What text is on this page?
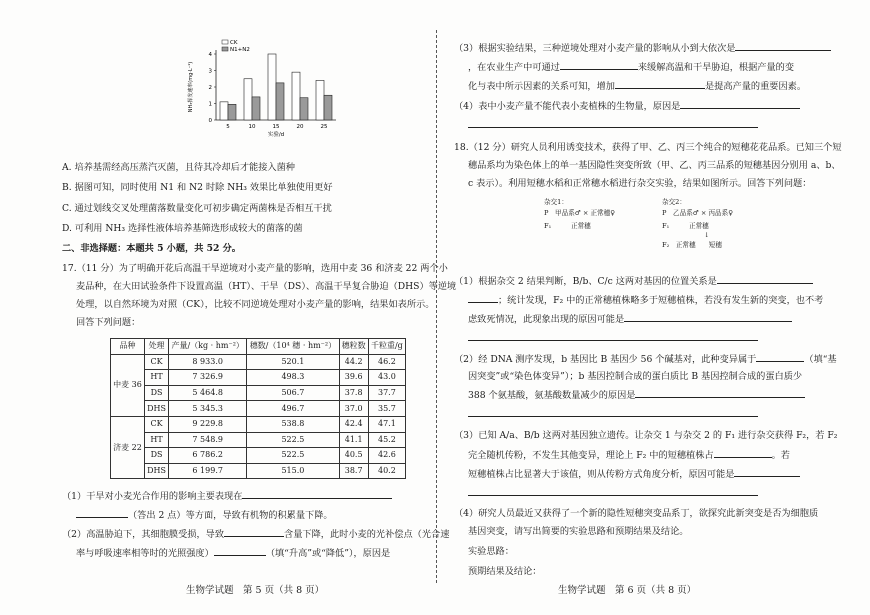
0
1
2
3
4
5	10	15	20	25
实验/d
NH₃挥发速率(mg·L⁻¹)
CK
N1+N2
A. 培养基需经高压蒸汽灭菌，且待其冷却后才能接入菌种
B. 据图可知，同时使用 N1 和 N2 时除 NH₃ 效果比单独使用更好
C. 通过划线交叉处理菌落数量变化可初步确定两菌株是否相互干扰
D. 可利用 NH₃ 选择性液体培养基筛选形成较大的菌落的菌
二、非选择题：本题共 5 小题，共 52 分。
17.（11 分）为了明确开花后高温干旱逆境对小麦产量的影响，选用中麦 36 和济麦 22 两个小
麦品种，在大田试验条件下设置高温（HT）、干旱（DS）、高温干旱复合胁迫（DHS）等逆境
处理，以自然环境为对照（CK），比较不同逆境处理对小麦产量的影响，结果如表所示。
回答下列问题：
品种	处理	产量/（kg · hm⁻²）	穗数/（10⁴ 穗 · hm⁻²）	穗粒数	千粒重/g
中麦 36	CK	8 933.0	520.1	44.2	46.2
	HT	7 326.9	498.3	39.6	43.0
	DS	5 464.8	506.7	37.8	37.7
	DHS	5 345.3	496.7	37.0	35.7
济麦 22	CK	9 229.8	538.8	42.4	47.1
	HT	7 548.9	522.5	41.1	45.2
	DS	6 786.2	522.5	40.5	42.6
	DHS	6 199.7	515.0	38.7	40.2
（1）干旱对小麦光合作用的影响主要表现在
（答出 2 点）等方面，导致有机物的积累量下降。
（2）高温胁迫下，其细胞膜受损，导致	含量下降，此时小麦的光补偿点（光合速
率与呼吸速率相等时的光照强度）	（填“升高”或“降低”），原因是
生物学试题　第 5 页（共 8 页）
（3）根据实验结果，三种逆境处理对小麦产量的影响从小到大依次是
，在农业生产中可通过	来缓解高温和干旱胁迫，根据产量的变
化与表中所示因素的关系可知，增加	是提高产量的重要因素。
（4）表中小麦产量不能代表小麦植株的生物量，原因是
18.（12 分）研究人员利用诱变技术，获得了甲、乙、丙三个纯合的短穗花花品系。已知三个短
穗品系均为染色体上的单一基因隐性突变所致（甲、乙、丙三品系的短穗基因分别用 a、b、
c 表示）。利用短穗水稻和正常穗水稻进行杂交实验，结果如图所示。回答下列问题：
杂交1：
P　甲品系♂ × 正常穗♀
F₁　　　正常穗
杂交2：
P　乙品系♂ × 丙品系♀
F₁　　　正常穗
↓
F₂　正常穗　　短穗
（1）根据杂交 2 结果判断，B/b、C/c 这两对基因的位置关系是
；统计发现，F₂ 中的正常穗植株略多于短穗植株，若没有发生新的突变，也不考
虑致死情况，此现象出现的原因可能是
（2）经 DNA 测序发现，b 基因比 B 基因少 56 个碱基对，此种变异属于	（填“基
因突变”或“染色体变异”）；b 基因控制合成的蛋白质比 B 基因控制合成的蛋白质少
388 个氨基酸，氨基酸数量减少的原因是
（3）已知 A/a、B/b 这两对基因独立遗传。让杂交 1 与杂交 2 的 F₁ 进行杂交获得 F₂，若 F₂
完全随机传粉，不发生其他变异，理论上 F₂ 中的短穗植株占	。若
短穗植株占比显著大于该值，则从传粉方式角度分析，原因可能是
（4）研究人员最近又获得了一个新的隐性短穗突变品系丁，欲探究此新突变是否为细胞质
基因突变，请写出简要的实验思路和预期结果及结论。
实验思路：
预期结果及结论：
生物学试题　第 6 页（共 8 页）
